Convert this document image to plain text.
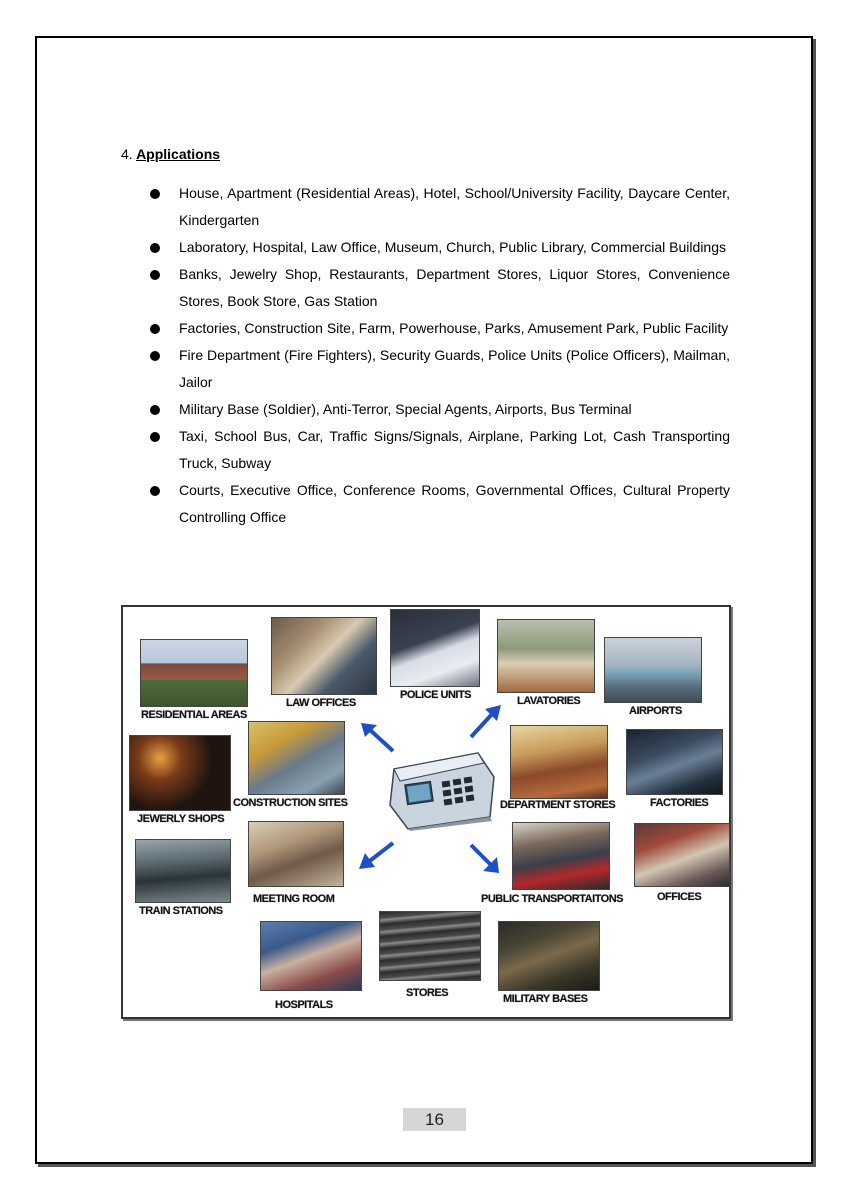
4. Applications
House, Apartment (Residential Areas), Hotel, School/University Facility, Daycare Center, Kindergarten
Laboratory, Hospital, Law Office, Museum, Church, Public Library, Commercial Buildings
Banks, Jewelry Shop, Restaurants, Department Stores, Liquor Stores, Convenience Stores, Book Store, Gas Station
Factories, Construction Site, Farm, Powerhouse, Parks, Amusement Park, Public Facility
Fire Department (Fire Fighters), Security Guards, Police Units (Police Officers), Mailman, Jailor
Military Base (Soldier), Anti-Terror, Special Agents, Airports, Bus Terminal
Taxi, School Bus, Car, Traffic Signs/Signals, Airplane, Parking Lot, Cash Transporting Truck, Subway
Courts, Executive Office, Conference Rooms, Governmental Offices, Cultural Property Controlling Office
RESIDENTIAL AREAS
LAW OFFICES
POLICE UNITS	LAVATORIES
AIRPORTS
JEWERLY SHOPS
CONSTRUCTION SITES	DEPARTMENT STORES	FACTORIES
TRAIN STATIONS
MEETING ROOM	PUBLIC TRANSPORTAITONS	OFFICES
HOSPITALS
STORES	MILITARY BASES
16
